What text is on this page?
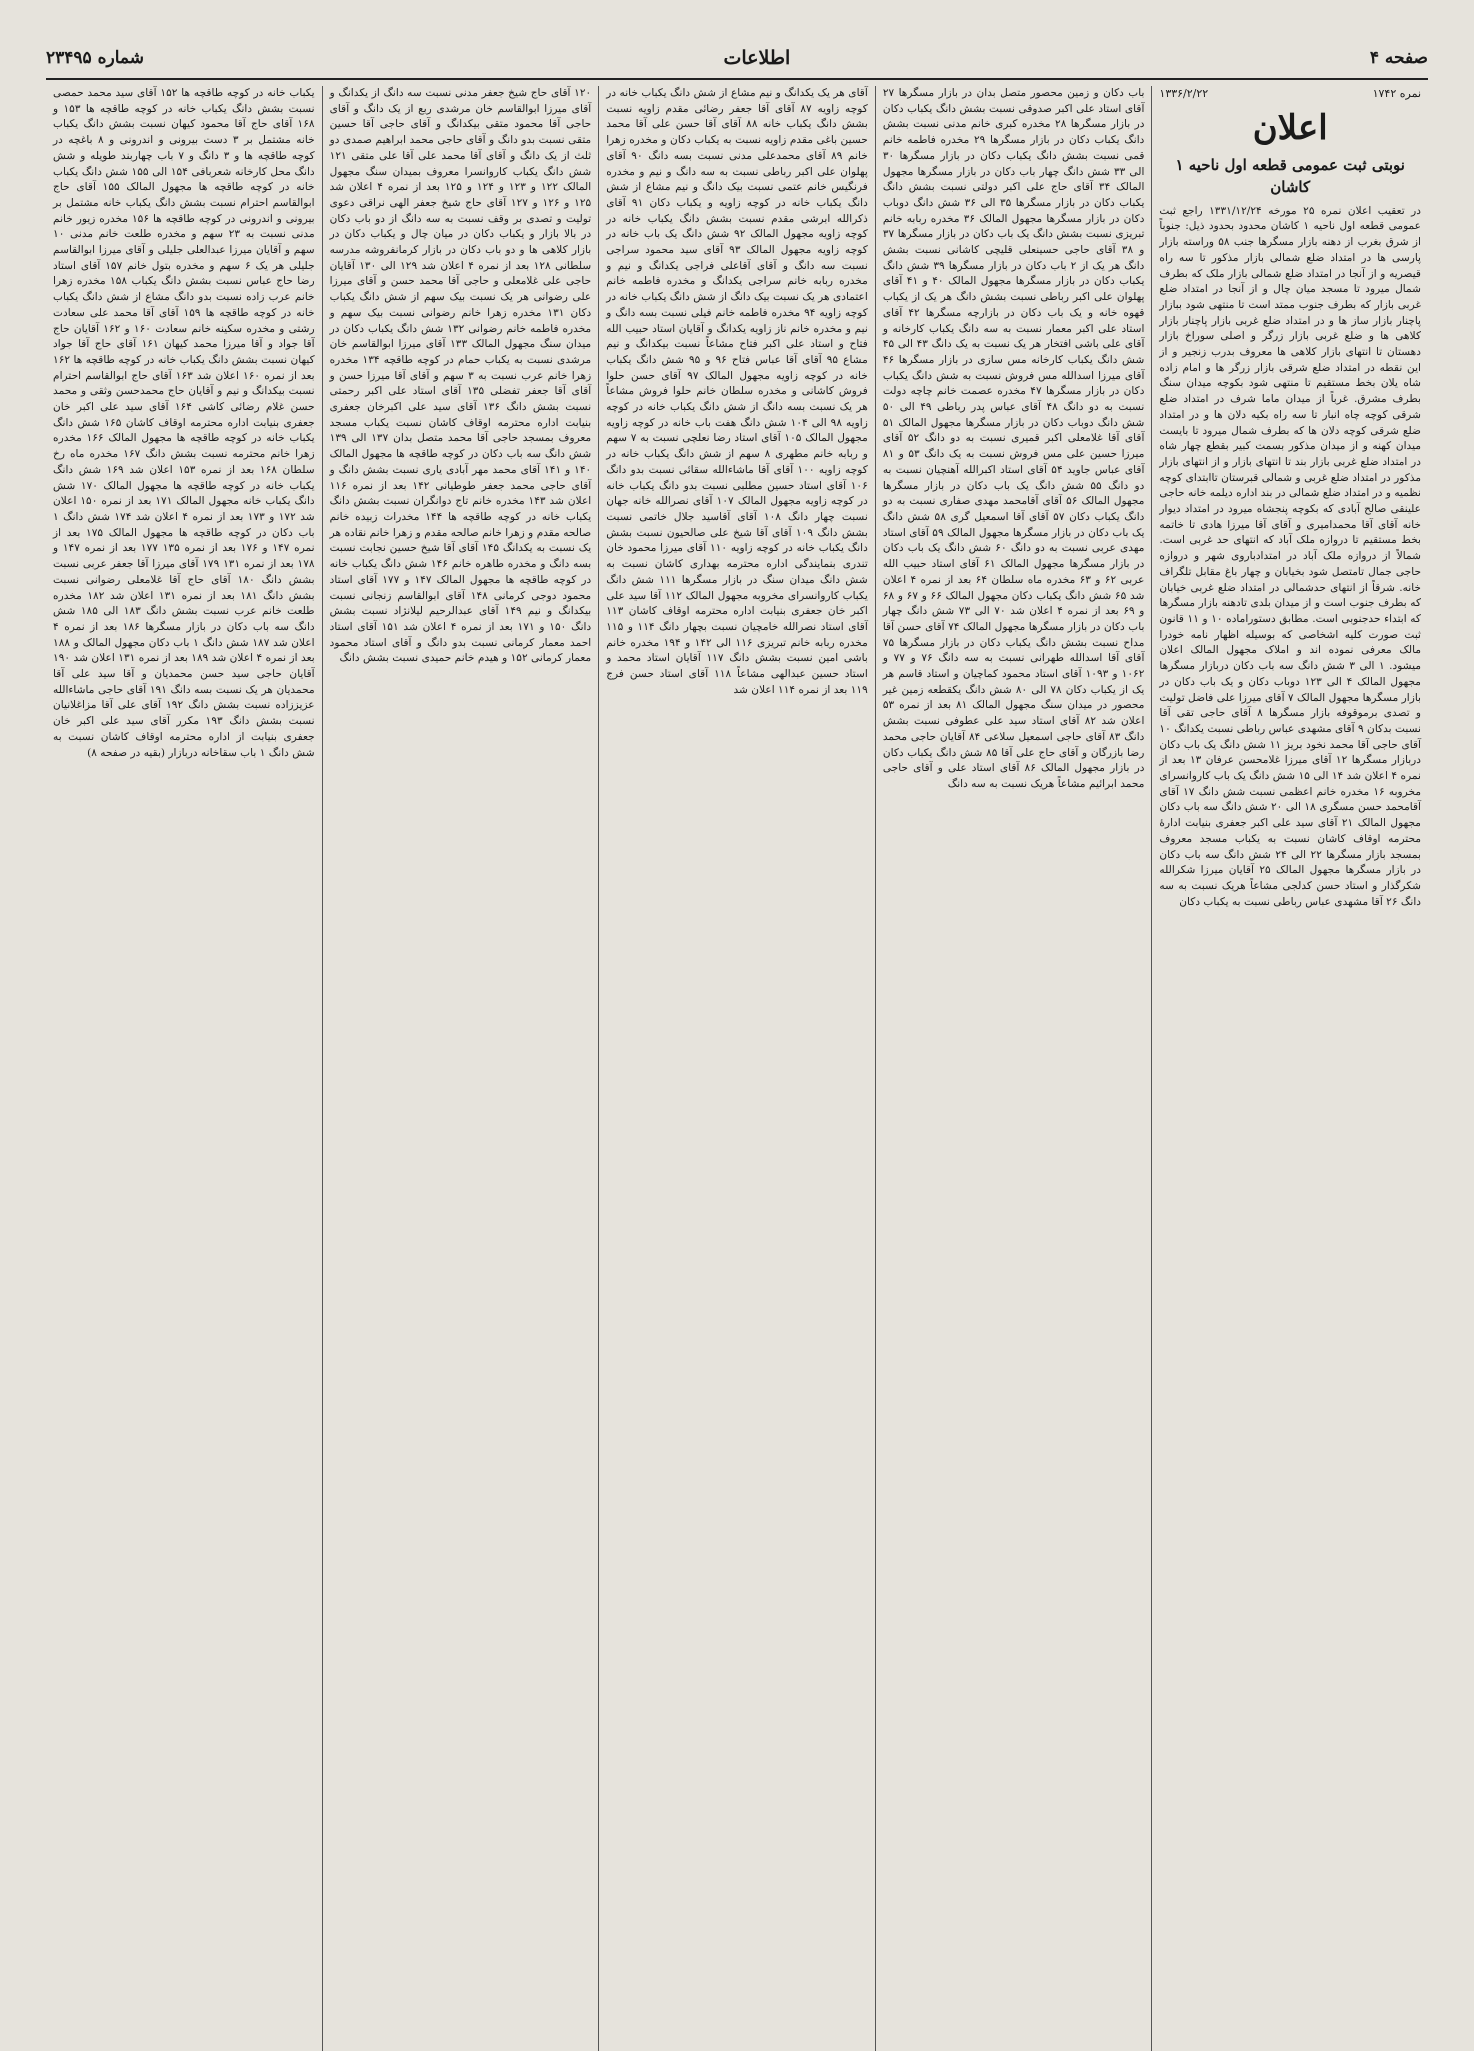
صفحه ۴
اطلاعات
شماره ۲۳۴۹۵
نمره ۱۷۴۲
۱۳۳۶/۲/۲۲
اعلان
نوبتی ثبت عمومی قطعه اول ناحیه ۱ کاشان

در تعقیب اعلان نمره ۲۵ مورخه ۱۳۳۱/۱۲/۲۴ راجع ثبت عمومی قطعه اول ناحیه ۱ کاشان محدود بحدود ذیل: جنوباً از شرق بغرب از دهنه بازار مسگرها جنب ۵۸ وراسته بازار پارسی ها در امتداد ضلع شمالی بازار مذکور تا سه راه قیصریه و از آنجا در امتداد ضلع شمالی بازار ملک که بطرف شمال میرود تا مسجد میان چال و از آنجا در امتداد ضلع غربی بازار که بطرف جنوب ممتد است تا منتهی شود ببازار پاچنار بازار ساز ها و در امتداد ضلع غربی بازار پاچنار بازار کلاهی ها و ضلع غربی بازار زرگر و اصلی سوراخ بازار دهستان تا انتهای بازار کلاهی ها معروف بدرب زنجیر و از این نقطه در امتداد ضلع شرقی بازار زرگر ها و امام زاده شاه یلان بخط مستقیم تا منتهی شود بکوچه میدان سنگ بطرف مشرق. غرباً از میدان ماما شرف در امتداد ضلع شرقی کوچه چاه انبار تا سه راه بکیه دلان ها و در امتداد ضلع شرقی کوچه دلان ها که بطرف شمال میرود تا بایست میدان کهنه و از میدان مذکور بسمت کبیر بقطع چهار شاه در امتداد ضلع غربی بازار بند تا انتهای بازار و از انتهای بازار مذکور در امتداد ضلع غربی و شمالی قبرستان تاابتدای کوچه نظمیه و در امتداد ضلع شمالی در بند اداره دیلمه خانه حاجی علینقی صالح آبادی که بکوچه پنجشاه میرود در امتداد دیوار خانه آقای آقا محمدامیری و آقای آقا میرزا هادی تا خاتمه بخط مستقیم تا دروازه ملک آباد که انتهای حد غربی است. شمالاً از دروازه ملک آباد در امتدادباروی شهر و دروازه حاجی جمال تامتصل شود بخیابان و چهار باغ مقابل تلگراف خانه. شرقاً از انتهای حدشمالی در امتداد ضلع غربی خیابان که بطرف جنوب است و از میدان بلدی تادهنه بازار مسگرها که ابتداء حدجنوبی است. مطابق دستوراماده ۱۰ و ۱۱ قانون ثبت صورت کلیه اشخاصی که بوسیله اظهار نامه خودرا مالک معرفی نموده اند و املاک مجهول المالک اعلان میشود. ۱ الی ۳ شش دانگ سه باب دکان دربازار مسگرها مجهول المالک ۴ الی ۱۲۳ دوباب دکان و یک باب دکان در بازار مسگرها مجهول المالک ۷ آقای میرزا علی فاضل تولیت و تصدی برموقوفه بازار مسگرها ۸ آقای حاجی تقی آقا نسبت بدکان ۹ آقای مشهدی عباس رباطی نسبت یکدانگ ۱۰ آقای حاجی آقا محمد نخود بریز ۱۱ شش دانگ یک باب دکان دربازار مسگرها ۱۲ آقای میرزا غلامحسن عرفان ۱۳ بعد از نمره ۴ اعلان شد ۱۴ الی ۱۵ شش دانگ یک باب کاروانسرای مخروبه ۱۶ مخدره خانم اعظمی نسبت شش دانگ ۱۷ آقای آقامحمد حسن مسگری ۱۸ الی ۲۰ شش دانگ سه باب دکان مجهول المالک ۲۱ آقای سید علی اکبر جعفری بنیابت ادارۀ محترمه اوقاف کاشان نسبت به یکباب مسجد معروف بمسجد بازار مسگرها ۲۲ الی ۲۴ شش دانگ سه باب دکان در بازار مسگرها مجهول المالک ۲۵ آقایان میرزا شکرالله شکرگذار و استاد حسن کدلجی مشاعاً هریک نسبت به سه دانگ ۲۶ آقا مشهدی عباس رباطی نسبت به یکباب دکان

باب دکان و زمین محصور متصل بدان در بازار مسگرها ۲۷ آقای استاد علی اکبر صدوقی نسبت بشش دانگ یکباب دکان در بازار مسگرها ۲۸ مخدره کبری خانم مدنی نسبت بشش دانگ یکباب دکان در بازار مسگرها ۲۹ مخدره فاطمه خانم قمی نسبت بشش دانگ یکباب دکان در بازار مسگرها ۳۰ الی ۳۳ شش دانگ چهار باب دکان در بازار مسگرها مجهول المالک ۳۴ آقای حاج علی اکبر دولتی نسبت بشش دانگ یکباب دکان در بازار مسگرها ۳۵ الی ۳۶ شش دانگ دوباب دکان در بازار مسگرها مجهول المالک ۳۶ مخدره ربابه خانم تبریزی نسبت بشش دانگ یک باب دکان در بازار مسگرها ۳۷ و ۳۸ آقای حاجی حسینعلی قلیچی کاشانی نسبت بشش دانگ هر یک از ۲ باب دکان در بازار مسگرها ۳۹ شش دانگ یکباب دکان در بازار مسگرها مجهول المالک ۴۰ و ۴۱ آقای پهلوان علی اکبر رباطی نسبت بشش دانگ هر یک از یکباب قهوه خانه و یک باب دکان در بازارچه مسگرها ۴۲ آقای استاد علی اکبر معمار نسبت به سه دانگ یکباب کارخانه و آقای علی باشی افتخار هر یک نسبت به یک دانگ ۴۳ الی ۴۵ شش دانگ یکباب کارخانه مس سازی در بازار مسگرها ۴۶ آقای میرزا اسدالله مس فروش نسبت به شش دانگ یکباب دکان در بازار مسگرها ۴۷ مخدره عصمت خانم چاچه دولت نسبت به دو دانگ ۴۸ آقای عباس پدر رباطی ۴۹ الی ۵۰ شش دانگ دوباب دکان در بازار مسگرها مجهول المالک ۵۱ آقای آقا غلامعلی اکبر قمیری نسبت به دو دانگ ۵۲ آقای میرزا حسین علی مس فروش نسبت به یک دانگ ۵۳ و ۸۱ آقای عباس جاوید ۵۴ آقای استاد اکبرالله آهنچیان نسبت به دو دانگ ۵۵ شش دانگ یک باب دکان در بازار مسگرها مجهول المالک ۵۶ آقای آقامحمد مهدی صفاری نسبت به دو دانگ یکباب دکان ۵۷ آقای آقا اسمعیل گری ۵۸ شش دانگ یک باب دکان در بازار مسگرها مجهول المالک ۵۹ آقای استاد مهدی عربی نسبت به دو دانگ ۶۰ شش دانگ یک باب دکان در بازار مسگرها مجهول المالک ۶۱ آقای استاد حبیب الله عربی ۶۲ و ۶۳ مخدره ماه سلطان ۶۴ بعد از نمره ۴ اعلان شد ۶۵ شش دانگ یکباب دکان مجهول المالک ۶۶ و ۶۷ و ۶۸ و ۶۹ بعد از نمره ۴ اعلان شد ۷۰ الی ۷۳ شش دانگ چهار باب دکان در بازار مسگرها مجهول المالک ۷۴ آقای حسن آقا مداح نسبت بشش دانگ یکباب دکان در بازار مسگرها ۷۵ آقای آقا اسدالله طهرانی نسبت به سه دانگ ۷۶ و ۷۷ و ۱۰۶۲ و ۱۰۹۳ آقای استاد محمود کماچیان و استاد قاسم هر یک از یکباب دکان ۷۸ الی ۸۰ شش دانگ یکقطعه زمین غیر محصور در میدان سنگ مجهول المالک ۸۱ بعد از نمره ۵۳ اعلان شد ۸۲ آقای استاد سید علی عطوفی نسبت بشش دانگ ۸۳ آقای حاجی اسمعیل سلاعی ۸۴ آقایان حاجی محمد رضا بازرگان و آقای حاج علی آقا ۸۵ شش دانگ یکباب دکان در بازار مجهول المالک ۸۶ آقای استاد علی و آقای حاجی محمد ابرائیم مشاعاً هریک نسبت به سه دانگ

آقای هر یک یکدانگ و نیم مشاع از شش دانگ یکباب خانه در کوچه زاویه ۸۷ آقای آقا جعفر رضائی مقدم زاویه نسبت بشش دانگ یکباب خانه ۸۸ آقای آقا حسن علی آقا محمد حسین باغی مقدم زاویه نسبت به یکباب دکان و مخدره زهرا خانم ۸۹ آقای محمدعلی مدنی نسبت بسه دانگ ۹۰ آقای پهلوان علی اکبر رباطی نسبت به سه دانگ و نیم و مخدره فرنگیس خانم عتمی نسبت بیک دانگ و نیم مشاع از شش دانگ یکباب خانه در کوچه زاویه و یکباب دکان ۹۱ آقای ذکرالله ابرشی مقدم نسبت بشش دانگ یکباب خانه در کوچه زاویه مجهول المالک ۹۲ شش دانگ یک باب خانه در کوچه زاویه مجهول المالک ۹۳ آقای سید محمود سراجی نسبت سه دانگ و آقای آقاعلی فراجی یکدانگ و نیم و مخدره ربابه خانم سراجی یکدانگ و مخدره فاطمه خانم اعتمادی هر یک نسبت بیک دانگ از شش دانگ یکباب خانه در کوچه زاویه ۹۴ مخدره فاطمه خانم فیلی نسبت بسه دانگ و نیم و مخدره خانم ناز زاویه یکدانگ و آقایان استاد حبیب الله فتاح و استاد علی اکبر فتاح مشاعاً نسبت بیکدانگ و نیم مشاع ۹۵ آقای آقا عباس فتاح ۹۶ و ۹۵ شش دانگ یکباب خانه در کوچه زاویه مجهول المالک ۹۷ آقای حسن حلوا فروش کاشانی و مخدره سلطان خانم حلوا فروش مشاعاً هر یک نسبت بسه دانگ از شش دانگ یکباب خانه در کوچه زاویه ۹۸ الی ۱۰۴ شش دانگ هفت باب خانه در کوچه زاویه مجهول المالک ۱۰۵ آقای استاد رضا نعلچی نسبت به ۷ سهم و ربابه خانم مطهری ۸ سهم از شش دانگ یکباب خانه در کوچه زاویه ۱۰۰ آقای آقا ماشاءالله سقائی نسبت بدو دانگ ۱۰۶ آقای استاد حسین مطلبی نسبت بدو دانگ یکباب خانه در کوچه زاویه مجهول المالک ۱۰۷ آقای نصرالله خانه جهان نسبت چهار دانگ ۱۰۸ آقای آقاسید جلال خاتمی نسبت بشش دانگ ۱۰۹ آقای آقا شیخ علی صالحیون نسبت بشش دانگ یکباب خانه در کوچه زاویه ۱۱۰ آقای میرزا محمود خان تندری بنمایندگی اداره محترمه بهداری کاشان نسبت به شش دانگ میدان سنگ در بازار مسگرها ۱۱۱ شش دانگ یکباب کاروانسرای مخروبه مجهول المالک ۱۱۲ آقا سید علی اکبر خان جعفری بنیابت اداره محترمه اوقاف کاشان ۱۱۳ آقای استاد نصرالله خامچیان نسبت بچهار دانگ ۱۱۴ و ۱۱۵ مخدره ربابه خانم تبریزی ۱۱۶ الی ۱۴۲ و ۱۹۴ مخدره خانم باشی امین نسبت بشش دانگ ۱۱۷ آقایان استاد محمد و استاد حسین عبدالهی مشاعاً ۱۱۸ آقای استاد حسن فرج ۱۱۹ بعد از نمره ۱۱۴ اعلان شد

۱۲۰ آقای حاج شیخ جعفر مدنی نسبت سه دانگ از یکدانگ و آقای میرزا ابوالقاسم خان مرشدی ربع از یک دانگ و آقای حاجی آقا محمود متقی بیکدانگ و آقای حاجی آقا حسین متقی نسبت بدو دانگ و آقای حاجی محمد ابراهیم صمدی دو ثلث از یک دانگ و آقای آقا محمد علی آقا علی متقی ۱۲۱ شش دانگ یکباب کاروانسرا معروف بمیدان سنگ مجهول المالک ۱۲۲ و ۱۲۳ و ۱۲۴ و ۱۲۵ بعد از نمره ۴ اعلان شد ۱۲۵ و ۱۲۶ و ۱۲۷ آقای حاج شیخ جعفر الهی نراقی دعوی تولیت و تصدی بر وقف نسبت به سه دانگ از دو باب دکان در بالا بازار و یکباب دکان در میان چال و یکباب دکان در بازار کلاهی ها و دو باب دکان در بازار کرمانفروشه مدرسه سلطانی ۱۲۸ بعد از نمره ۴ اعلان شد ۱۲۹ الی ۱۳۰ آقایان حاجی علی غلامعلی و حاجی آقا محمد حسن و آقای میرزا علی رضوانی هر یک نسبت بیک سهم از شش دانگ یکباب دکان ۱۳۱ مخدره زهرا خانم رضوانی نسبت بیک سهم و مخدره فاطمه خانم رضوانی ۱۳۲ شش دانگ یکباب دکان در میدان سنگ مجهول المالک ۱۳۳ آقای میرزا ابوالقاسم خان مرشدی نسبت به یکباب حمام در کوچه طاقچه ۱۳۴ مخدره زهرا خانم عرب نسبت به ۳ سهم و آقای آقا میرزا حسن و آقای آقا جعفر تفضلی ۱۳۵ آقای استاد علی اکبر رحمتی نسبت بشش دانگ ۱۳۶ آقای سید علی اکبرخان جعفری بنیابت اداره محترمه اوقاف کاشان نسبت یکباب مسجد معروف بمسجد حاجی آقا محمد متصل بدان ۱۳۷ الی ۱۳۹ شش دانگ سه باب دکان در کوچه طاقچه ها مجهول المالک ۱۴۰ و ۱۴۱ آقای محمد مهر آبادی یاری نسبت بشش دانگ و آقای حاجی محمد جعفر طوطیانی ۱۴۲ بعد از نمره ۱۱۶ اعلان شد ۱۴۳ مخدره خانم تاج دوانگران نسبت بشش دانگ یکباب خانه در کوچه طاقچه ها ۱۴۴ مخدرات زبیده خانم صالحه مقدم و زهرا خانم صالحه مقدم و زهرا خانم نقاده هر یک نسبت به یکدانگ ۱۴۵ آقای آقا شیخ حسین نجابت نسبت بسه دانگ و مخدره طاهره خانم ۱۴۶ شش دانگ یکباب خانه در کوچه طاقچه ها مجهول المالک ۱۴۷ و ۱۷۷ آقای استاد محمود دوجی کرمانی ۱۴۸ آقای ابوالقاسم زنجانی نسبت بیکدانگ و نیم ۱۴۹ آقای عبدالرحیم لیلانژاد نسبت بشش دانگ ۱۵۰ و ۱۷۱ بعد از نمره ۴ اعلان شد ۱۵۱ آقای استاد احمد معمار کرمانی نسبت بدو دانگ و آقای استاد محمود معمار کرمانی ۱۵۲ و هیدم خانم حمیدی نسبت بشش دانگ

یکباب خانه در کوچه طاقچه ها ۱۵۲ آقای سید محمد حمصی نسبت بشش دانگ یکباب خانه در کوچه طاقچه ها ۱۵۳ و ۱۶۸ آقای حاج آقا محمود کیهان نسبت بشش دانگ یکباب خانه مشتمل بر ۳ دست بیرونی و اندرونی و ۸ باغچه در کوچه طاقچه ها و ۳ دانگ و ۷ باب چهاربند طویله و شش دانگ محل کارخانه شعربافی ۱۵۴ الی ۱۵۵ شش دانگ یکباب خانه در کوچه طاقچه ها مجهول المالک ۱۵۵ آقای حاج ابوالقاسم احترام نسبت بشش دانگ یکباب خانه مشتمل بر بیرونی و اندرونی در کوچه طاقچه ها ۱۵۶ مخدره زیور خانم مدنی نسبت به ۲۳ سهم و مخدره طلعت خانم مدنی ۱۰ سهم و آقایان میرزا عبدالعلی جلیلی و آقای میرزا ابوالقاسم جلیلی هر یک ۶ سهم و مخدره بتول خانم ۱۵۷ آقای استاد رضا حاج عباس نسبت بشش دانگ یکباب ۱۵۸ مخدره زهرا خانم عرب زاده نسبت بدو دانگ مشاع از شش دانگ یکباب خانه در کوچه طاقچه ها ۱۵۹ آقای آقا محمد علی سعادت رشتی و مخدره سکینه خانم سعادت ۱۶۰ و ۱۶۲ آقایان حاج آقا جواد و آقا میرزا محمد کیهان ۱۶۱ آقای حاج آقا جواد کیهان نسبت بشش دانگ یکباب خانه در کوچه طاقچه ها ۱۶۲ بعد از نمره ۱۶۰ اعلان شد ۱۶۳ آقای حاج ابوالقاسم احترام نسبت بیکدانگ و نیم و آقایان حاج محمدحسن وثقی و محمد حسن غلام رضائی کاشی ۱۶۴ آقای سید علی اکبر خان جعفری بنیابت اداره محترمه اوقاف کاشان ۱۶۵ شش دانگ یکباب خانه در کوچه طاقچه ها مجهول المالک ۱۶۶ مخدره زهرا خانم محترمه نسبت بشش دانگ ۱۶۷ مخدره ماه رخ سلطان ۱۶۸ بعد از نمره ۱۵۳ اعلان شد ۱۶۹ شش دانگ یکباب خانه در کوچه طاقچه ها مجهول المالک ۱۷۰ شش دانگ یکباب خانه مجهول المالک ۱۷۱ بعد از نمره ۱۵۰ اعلان شد ۱۷۲ و ۱۷۳ بعد از نمره ۴ اعلان شد ۱۷۴ شش دانگ ۱ باب دکان در کوچه طاقچه ها مجهول المالک ۱۷۵ بعد از نمره ۱۴۷ و ۱۷۶ بعد از نمره ۱۳۵ ۱۷۷ بعد از نمره ۱۴۷ و ۱۷۸ بعد از نمره ۱۳۱ ۱۷۹ آقای میرزا آقا جعفر عربی نسبت بشش دانگ ۱۸۰ آقای حاج آقا غلامعلی رضوانی نسبت بشش دانگ ۱۸۱ بعد از نمره ۱۳۱ اعلان شد ۱۸۲ مخدره طلعت خانم عرب نسبت بشش دانگ ۱۸۳ الی ۱۸۵ شش دانگ سه باب دکان در بازار مسگرها ۱۸۶ بعد از نمره ۴ اعلان شد ۱۸۷ شش دانگ ۱ باب دکان مجهول المالک و ۱۸۸ بعد از نمره ۴ اعلان شد ۱۸۹ بعد از نمره ۱۳۱ اعلان شد ۱۹۰ آقایان حاجی سید حسن محمدیان و آقا سید علی آقا محمدیان هر یک نسبت بسه دانگ ۱۹۱ آقای حاجی ماشاءالله عزیززاده نسبت بشش دانگ ۱۹۲ آقای علی آقا مزاغلانیان نسبت بشش دانگ ۱۹۳ مکرر آقای سید علی اکبر خان جعفری بنیابت از اداره محترمه اوقاف کاشان نسبت به شش دانگ ۱ باب سقاخانه دربازار (بقیه در صفحه ۸)
